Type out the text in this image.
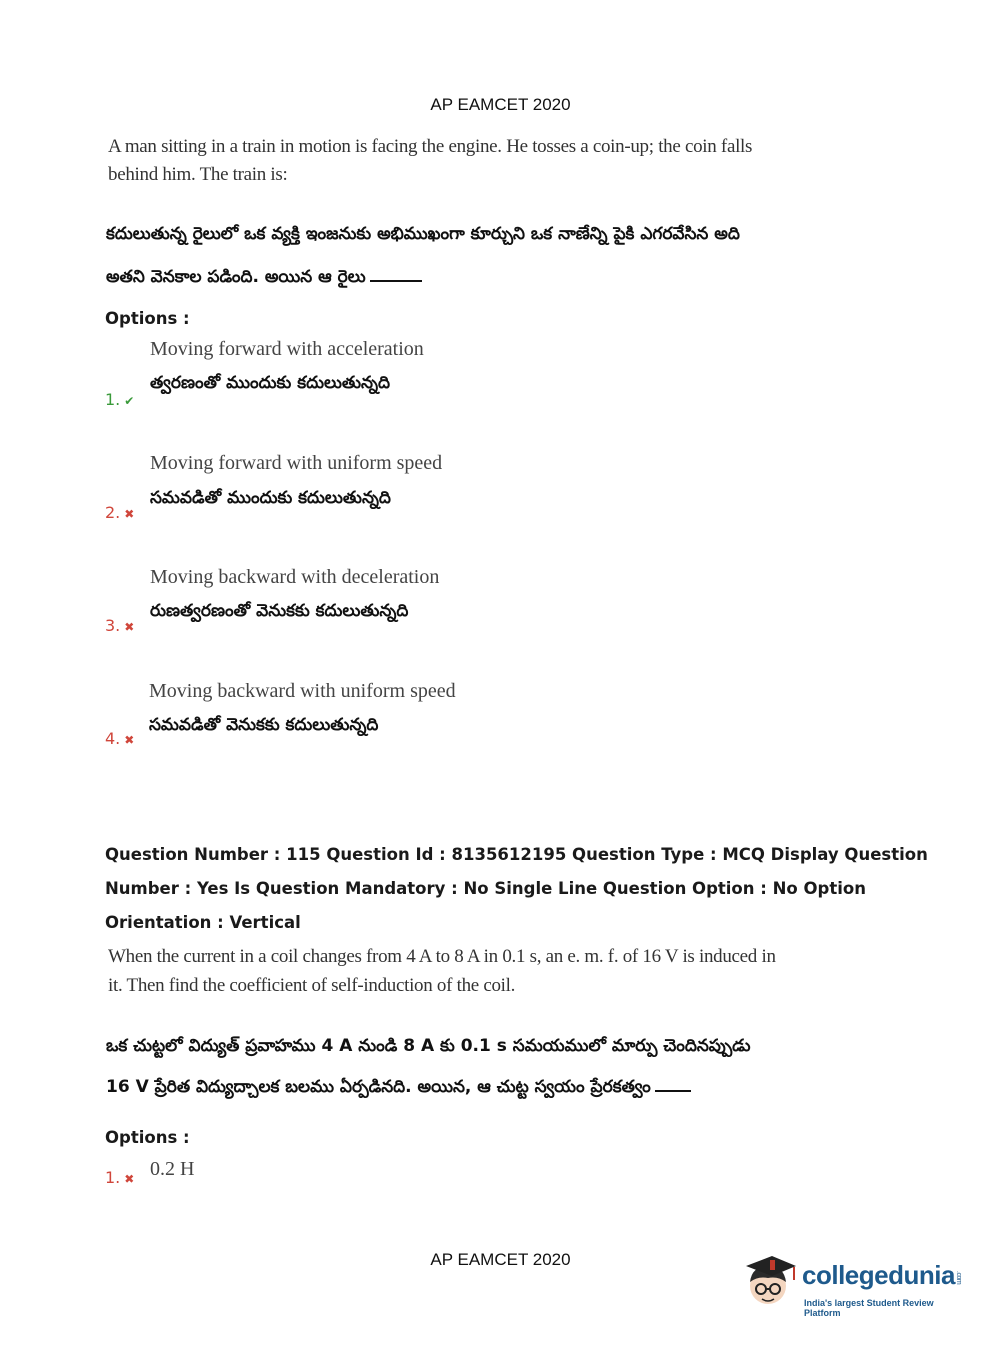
AP EAMCET 2020
A man sitting in a train in motion is facing the engine. He tosses a coin-up; the coin falls
behind him. The train is:
కదులుతున్న రైలులో ఒక వ్యక్తి ఇంజనుకు అభిముఖంగా కూర్చుని ఒక నాణేన్ని పైకి ఎగరవేసిన అది
అతని వెనకాల పడింది. అయిన ఆ రైలు
Options :
Moving forward with acceleration
త్వరణంతో ముందుకు కదులుతున్నది
1. ✔
Moving forward with uniform speed
సమవడితో ముందుకు కదులుతున్నది
2. ✖
Moving backward with deceleration
రుణత్వరణంతో వెనుకకు కదులుతున్నది
3. ✖
Moving backward with uniform speed
సమవడితో వెనుకకు కదులుతున్నది
4. ✖
Question Number : 115 Question Id : 8135612195 Question Type : MCQ Display Question
Number : Yes Is Question Mandatory : No Single Line Question Option : No Option
Orientation : Vertical
When the current in a coil changes from 4 A to 8 A in 0.1 s, an e. m. f. of 16 V is induced in
it. Then find the coefficient of self-induction of the coil.
ఒక చుట్టలో విద్యుత్ ప్రవాహము 4 A నుండి 8 A కు 0.1 s సమయములో మార్పు చెందినప్పుడు
16 V ప్రేరిత విద్యుద్చాలక బలము ఏర్పడినది. అయిన, ఆ చుట్ట స్వయం ప్రేరకత్వం
Options :
0.2 H
1. ✖
AP EAMCET 2020
collegedunia.com
India's largest Student Review Platform
